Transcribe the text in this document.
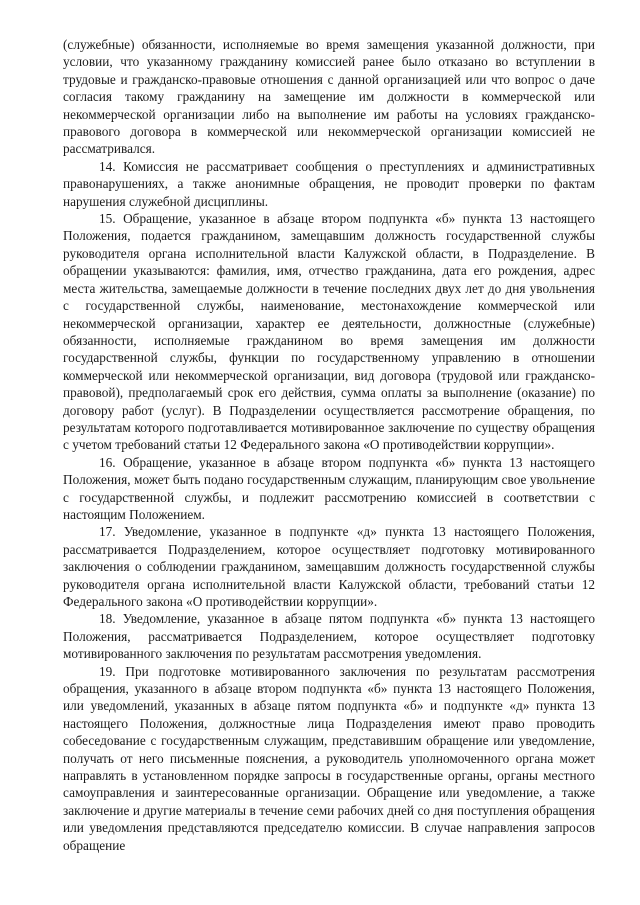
(служебные) обязанности, исполняемые во время замещения указанной должности, при условии, что указанному гражданину комиссией ранее было отказано во вступлении в трудовые и гражданско-правовые отношения с данной организацией или что вопрос о даче согласия такому гражданину на замещение им должности в коммерческой или некоммерческой организации либо на выполнение им работы на условиях гражданско-правового договора в коммерческой или некоммерческой организации комиссией не рассматривался.

14. Комиссия не рассматривает сообщения о преступлениях и административных правонарушениях, а также анонимные обращения, не проводит проверки по фактам нарушения служебной дисциплины.

15. Обращение, указанное в абзаце втором подпункта «б» пункта 13 настоящего Положения, подается гражданином, замещавшим должность государственной службы руководителя органа исполнительной власти Калужской области, в Подразделение. В обращении указываются: фамилия, имя, отчество гражданина, дата его рождения, адрес места жительства, замещаемые должности в течение последних двух лет до дня увольнения с государственной службы, наименование, местонахождение коммерческой или некоммерческой организации, характер ее деятельности, должностные (служебные) обязанности, исполняемые гражданином во время замещения им должности государственной службы, функции по государственному управлению в отношении коммерческой или некоммерческой организации, вид договора (трудовой или гражданско-правовой), предполагаемый срок его действия, сумма оплаты за выполнение (оказание) по договору работ (услуг). В Подразделении осуществляется рассмотрение обращения, по результатам которого подготавливается мотивированное заключение по существу обращения с учетом требований статьи 12 Федерального закона «О противодействии коррупции».

16. Обращение, указанное в абзаце втором подпункта «б» пункта 13 настоящего Положения, может быть подано государственным служащим, планирующим свое увольнение с государственной службы, и подлежит рассмотрению комиссией в соответствии с настоящим Положением.

17. Уведомление, указанное в подпункте «д» пункта 13 настоящего Положения, рассматривается Подразделением, которое осуществляет подготовку мотивированного заключения о соблюдении гражданином, замещавшим должность государственной службы руководителя органа исполнительной власти Калужской области, требований статьи 12 Федерального закона «О противодействии коррупции».

18. Уведомление, указанное в абзаце пятом подпункта «б» пункта 13 настоящего Положения, рассматривается Подразделением, которое осуществляет подготовку мотивированного заключения по результатам рассмотрения уведомления.

19. При подготовке мотивированного заключения по результатам рассмотрения обращения, указанного в абзаце втором подпункта «б» пункта 13 настоящего Положения, или уведомлений, указанных в абзаце пятом подпункта «б» и подпункте «д» пункта 13 настоящего Положения, должностные лица Подразделения имеют право проводить собеседование с государственным служащим, представившим обращение или уведомление, получать от него письменные пояснения, а руководитель уполномоченного органа может направлять в установленном порядке запросы в государственные органы, органы местного самоуправления и заинтересованные организации. Обращение или уведомление, а также заключение и другие материалы в течение семи рабочих дней со дня поступления обращения или уведомления представляются председателю комиссии. В случае направления запросов обращение
